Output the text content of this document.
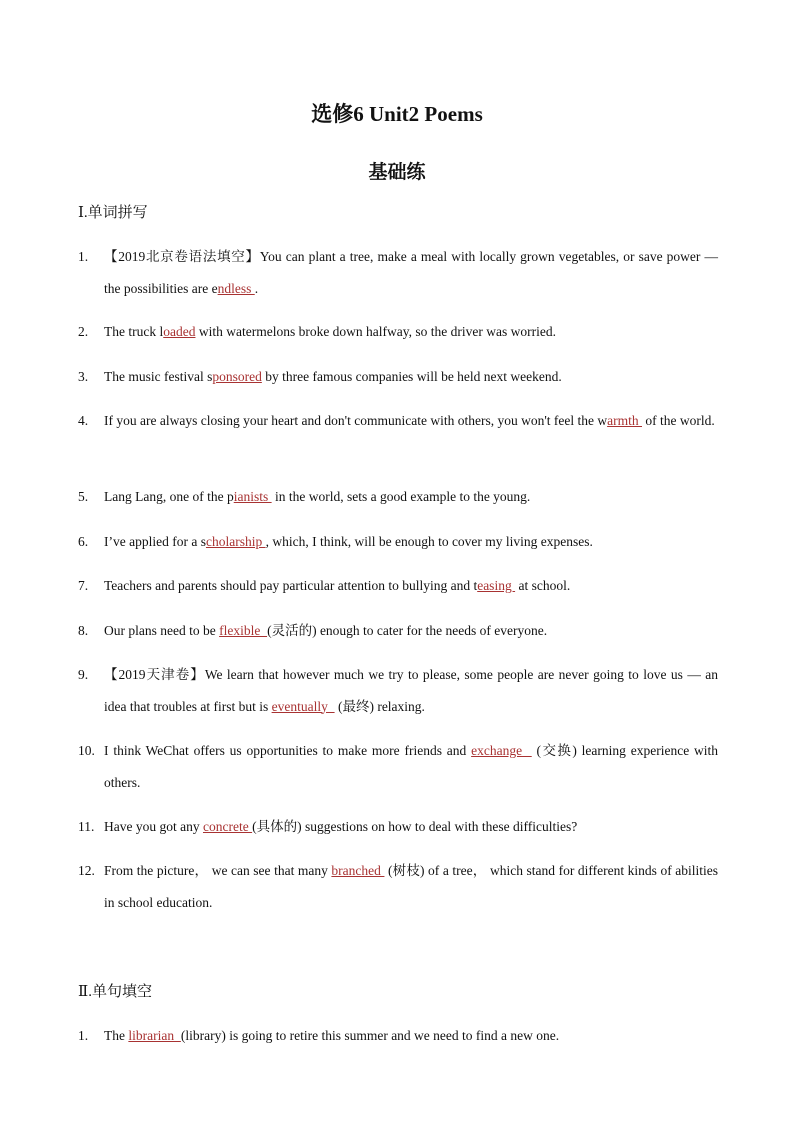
选修6 Unit2 Poems
基础练

Ⅰ.单词拼写

1. 【2019北京卷语法填空】You can plant a tree, make a meal with locally grown vegetables, or save power — the possibilities are endless .
2. The truck loaded with watermelons broke down halfway, so the driver was worried.
3. The music festival sponsored by three famous companies will be held next weekend.
4. If you are always closing your heart and don't communicate with others, you won't feel the warmth  of the world.
5. Lang Lang, one of the pianists  in the world, sets a good example to the young.
6. I’ve applied for a scholarship , which, I think, will be enough to cover my living expenses.
7. Teachers and parents should pay particular attention to bullying and teasing  at school.
8. Our plans need to be flexible  (灵活的) enough to cater for the needs of everyone.
9. 【2019天津卷】We learn that however much we try to please, some people are never going to love us — an idea that troubles at first but is eventually   (最终) relaxing.
10. I think WeChat offers us opportunities to make more friends and exchange   (交换) learning experience with others.
11. Have you got any concrete (具体的) suggestions on how to deal with these difficulties?
12. From the picture， we can see that many branched  (树枝) of a tree， which stand for different kinds of abilities in school education.

Ⅱ.单句填空

1. The librarian  (library) is going to retire this summer and we need to find a new one.
